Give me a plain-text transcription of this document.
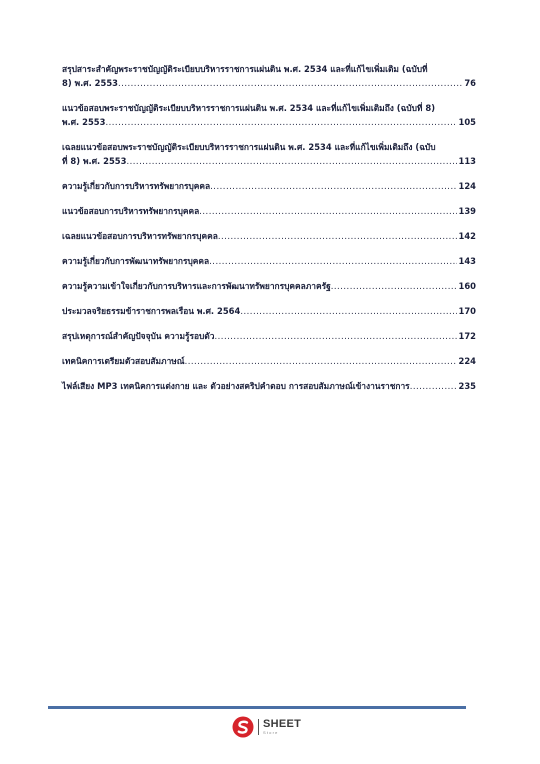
สรุปสาระสำคัญพระราชบัญญัติระเบียบบริหารราชการแผ่นดิน พ.ศ. 2534 และที่แก้ไขเพิ่มเติม (ฉบับที่
8) พ.ศ. 2553 .....	76
แนวข้อสอบพระราชบัญญัติระเบียบบริหารราชการแผ่นดิน พ.ศ. 2534 และที่แก้ไขเพิ่มเติมถึง (ฉบับที่ 8)
พ.ศ. 2553 .....	105
เฉลยแนวข้อสอบพระราชบัญญัติระเบียบบริหารราชการแผ่นดิน พ.ศ. 2534 และที่แก้ไขเพิ่มเติมถึง (ฉบับ
ที่ 8) พ.ศ. 2553 .....	113
ความรู้เกี่ยวกับการบริหารทรัพยากรบุคคล .....	124
แนวข้อสอบการบริหารทรัพยากรบุคคล .....	139
เฉลยแนวข้อสอบการบริหารทรัพยากรบุคคล .....	142
ความรู้เกี่ยวกับการพัฒนาทรัพยากรบุคคล .....	143
ความรู้ความเข้าใจเกี่ยวกับการบริหารและการพัฒนาทรัพยากรบุคคลภาครัฐ .....	160
ประมวลจริยธรรมข้าราชการพลเรือน พ.ศ. 2564 .....	170
สรุปเหตุการณ์สำคัญปัจจุบัน ความรู้รอบตัว .....	172
เทคนิคการเตรียมตัวสอบสัมภาษณ์ .....	224
ไฟล์เสียง MP3 เทคนิคการแต่งกาย และ ตัวอย่างสคริปคำตอบ การสอบสัมภาษณ์เข้างานราชการ .....	235
SHEET
Store
